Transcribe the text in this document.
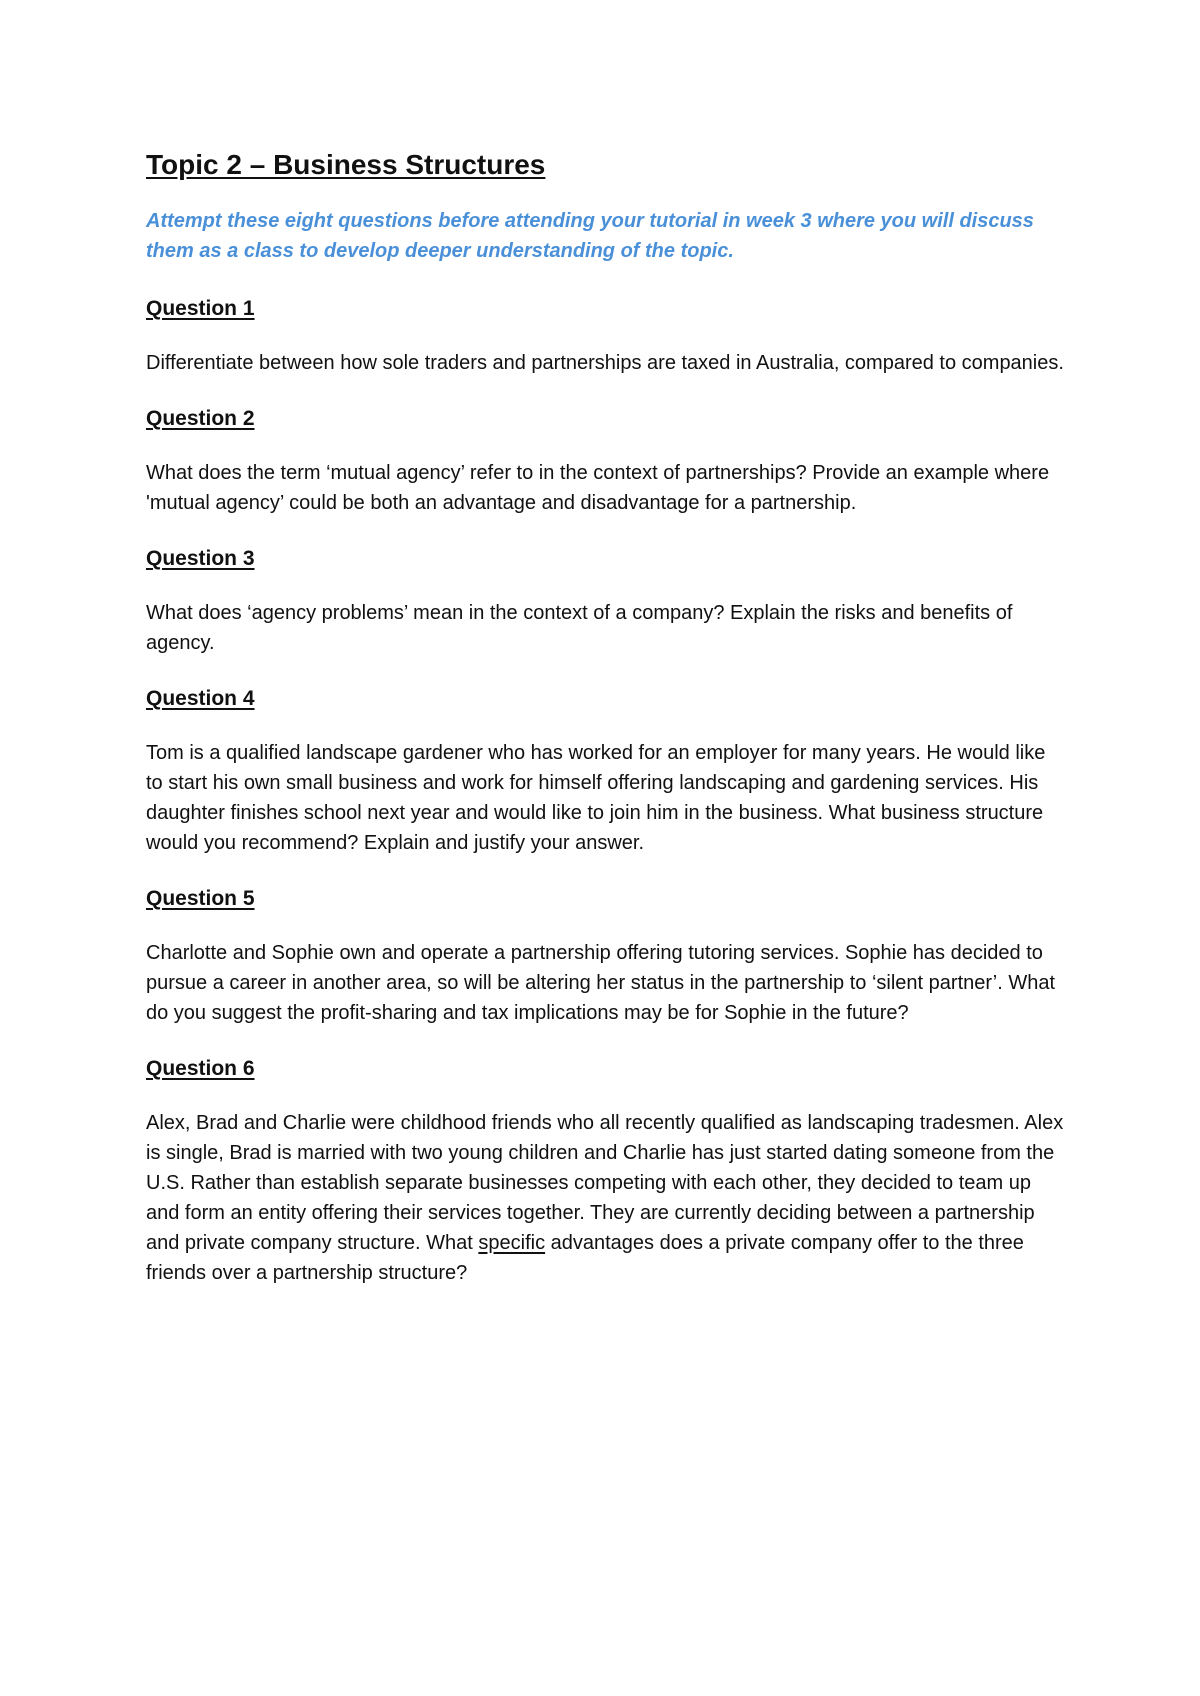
Topic 2 – Business Structures

Attempt these eight questions before attending your tutorial in week 3 where you will discuss them as a class to develop deeper understanding of the topic.

Question 1

Differentiate between how sole traders and partnerships are taxed in Australia, compared to companies.

Question 2

What does the term ‘mutual agency’ refer to in the context of partnerships? Provide an example where 'mutual agency’ could be both an advantage and disadvantage for a partnership.

Question 3

What does ‘agency problems’ mean in the context of a company? Explain the risks and benefits of agency.

Question 4

Tom is a qualified landscape gardener who has worked for an employer for many years. He would like to start his own small business and work for himself offering landscaping and gardening services. His daughter finishes school next year and would like to join him in the business. What business structure would you recommend? Explain and justify your answer.

Question 5

Charlotte and Sophie own and operate a partnership offering tutoring services. Sophie has decided to pursue a career in another area, so will be altering her status in the partnership to ‘silent partner’. What do you suggest the profit-sharing and tax implications may be for Sophie in the future?

Question 6

Alex, Brad and Charlie were childhood friends who all recently qualified as landscaping tradesmen. Alex is single, Brad is married with two young children and Charlie has just started dating someone from the U.S. Rather than establish separate businesses competing with each other, they decided to team up and form an entity offering their services together. They are currently deciding between a partnership and private company structure. What specific advantages does a private company offer to the three friends over a partnership structure?
